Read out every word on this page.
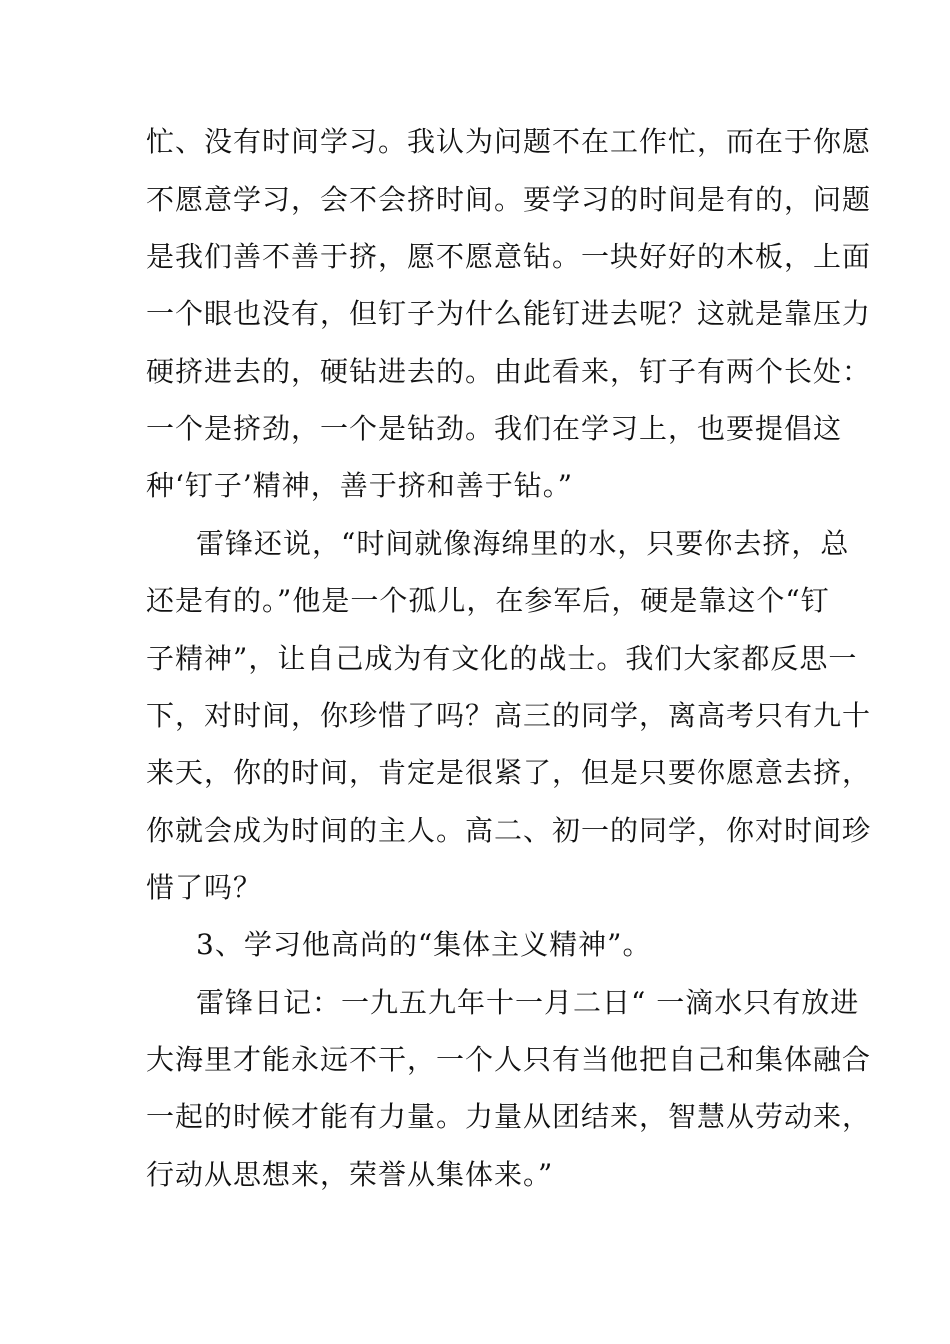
忙、没有时间学习。我认为问题不在工作忙，而在于你愿
不愿意学习，会不会挤时间。要学习的时间是有的，问题
是我们善不善于挤，愿不愿意钻。一块好好的木板，上面
一个眼也没有，但钉子为什么能钉进去呢？这就是靠压力
硬挤进去的，硬钻进去的。由此看来，钉子有两个长处：
一个是挤劲，一个是钻劲。我们在学习上，也要提倡这
种‘钉子’精神，善于挤和善于钻。”
雷锋还说，“时间就像海绵里的水，只要你去挤，总
还是有的。”他是一个孤儿，在参军后，硬是靠这个“钉
子精神”，让自己成为有文化的战士。我们大家都反思一
下，对时间，你珍惜了吗？高三的同学，离高考只有九十
来天，你的时间，肯定是很紧了，但是只要你愿意去挤，
你就会成为时间的主人。高二、初一的同学，你对时间珍
惜了吗？
3、学习他高尚的“集体主义精神”。
雷锋日记：一九五九年十一月二日“ 一滴水只有放进
大海里才能永远不干，一个人只有当他把自己和集体融合
一起的时候才能有力量。力量从团结来，智慧从劳动来，
行动从思想来，荣誉从集体来。”
